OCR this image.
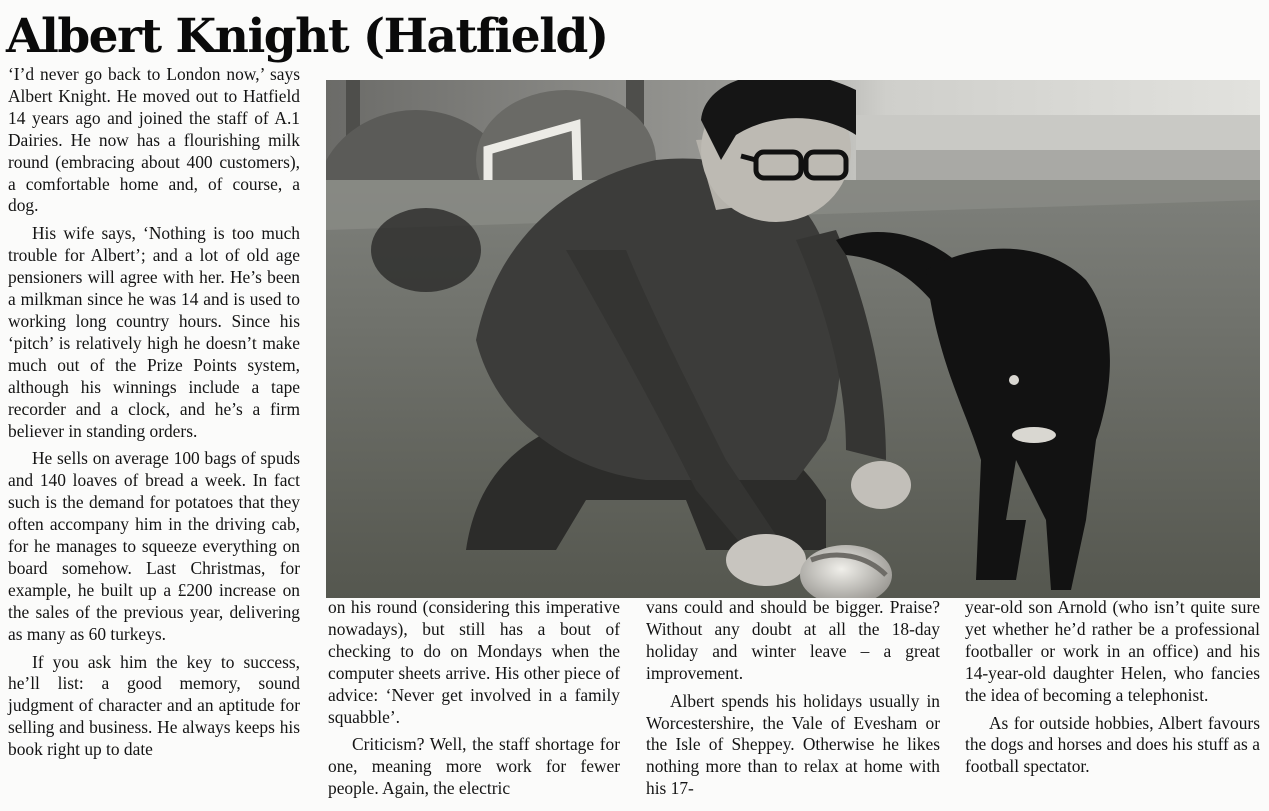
Albert Knight (Hatfield)

‘I’d never go back to London now,’ says Albert Knight. He moved out to Hatfield 14 years ago and joined the staff of A.1 Dairies. He now has a flourishing milk round (embracing about 400 customers), a comfortable home and, of course, a dog.

His wife says, ‘Nothing is too much trouble for Albert’; and a lot of old age pensioners will agree with her. He’s been a milkman since he was 14 and is used to working long country hours. Since his ‘pitch’ is relatively high he doesn’t make much out of the Prize Points system, although his winnings include a tape recorder and a clock, and he’s a firm believer in standing orders.

He sells on average 100 bags of spuds and 140 loaves of bread a week. In fact such is the demand for potatoes that they often accompany him in the driving cab, for he manages to squeeze everything on board somehow. Last Christmas, for example, he built up a £200 increase on the sales of the previous year, delivering as many as 60 turkeys.

If you ask him the key to success, he’ll list: a good memory, sound judgment of character and an aptitude for selling and business. He always keeps his book right up to date

on his round (considering this imperative nowadays), but still has a bout of checking to do on Mondays when the computer sheets arrive. His other piece of advice: ‘Never get involved in a family squabble’.

Criticism? Well, the staff shortage for one, meaning more work for fewer people. Again, the electric

vans could and should be bigger. Praise? Without any doubt at all the 18-day holiday and winter leave – a great improvement.

Albert spends his holidays usually in Worcestershire, the Vale of Evesham or the Isle of Sheppey. Otherwise he likes nothing more than to relax at home with his 17-

year-old son Arnold (who isn’t quite sure yet whether he’d rather be a professional footballer or work in an office) and his 14-year-old daughter Helen, who fancies the idea of becoming a telephonist.

As for outside hobbies, Albert favours the dogs and horses and does his stuff as a football spectator.
